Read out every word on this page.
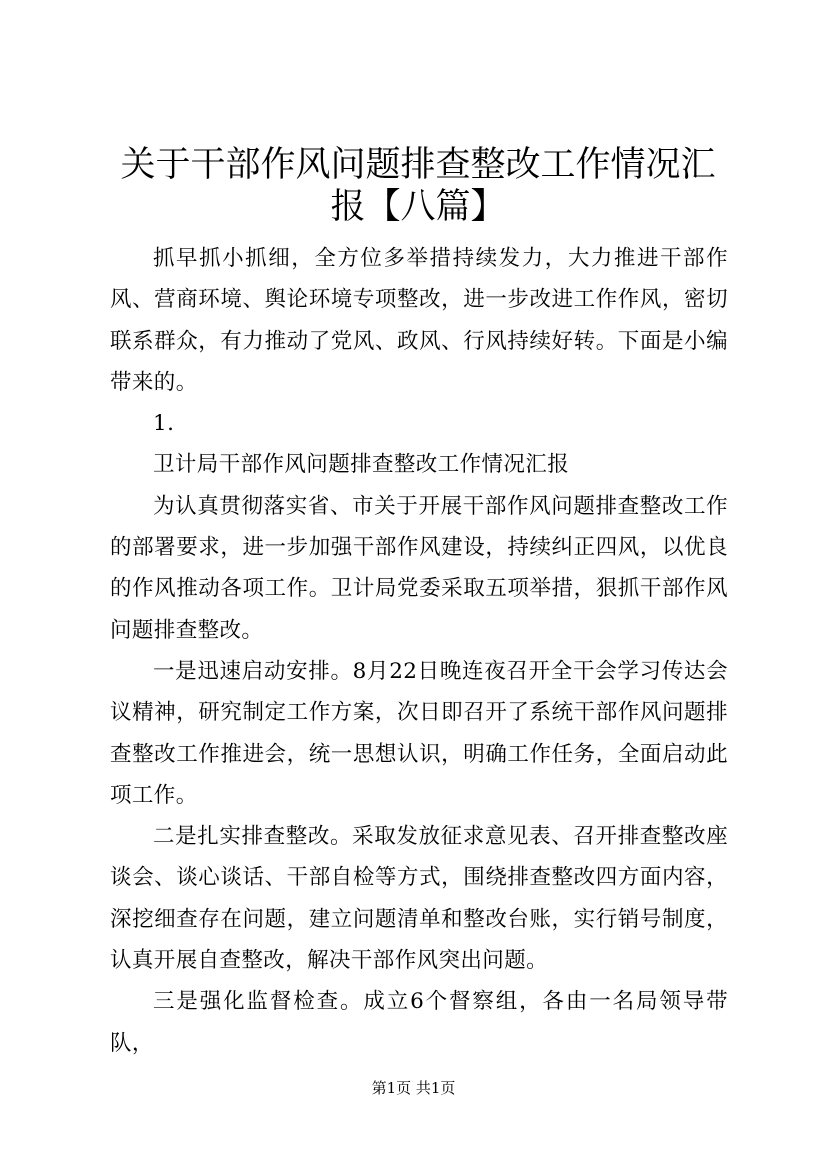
关于干部作风问题排查整改工作情况汇报【八篇】

抓早抓小抓细，全方位多举措持续发力，大力推进干部作风、营商环境、舆论环境专项整改，进一步改进工作作风，密切联系群众，有力推动了党风、政风、行风持续好转。下面是小编带来的。

1.

卫计局干部作风问题排查整改工作情况汇报

为认真贯彻落实省、市关于开展干部作风问题排查整改工作的部署要求，进一步加强干部作风建设，持续纠正四风，以优良的作风推动各项工作。卫计局党委采取五项举措，狠抓干部作风问题排查整改。

一是迅速启动安排。8月22日晚连夜召开全干会学习传达会议精神，研究制定工作方案，次日即召开了系统干部作风问题排查整改工作推进会，统一思想认识，明确工作任务，全面启动此项工作。

二是扎实排查整改。采取发放征求意见表、召开排查整改座谈会、谈心谈话、干部自检等方式，围绕排查整改四方面内容，深挖细查存在问题，建立问题清单和整改台账，实行销号制度，认真开展自查整改，解决干部作风突出问题。

三是强化监督检查。成立6个督察组，各由一名局领导带队，

第1页 共1页
